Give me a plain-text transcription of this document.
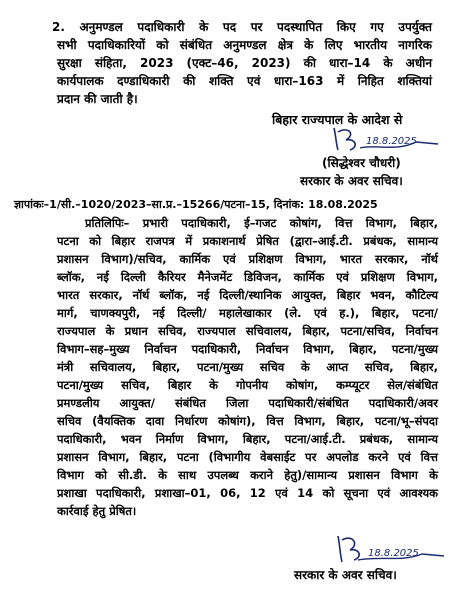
2. अनुमण्डल पदाधिकारी के पद पर पदस्थापित किए गए उपर्युक्त
सभी पदाधिकारियों को संबंधित अनुमण्डल क्षेत्र के लिए भारतीय नागरिक
सुरक्षा संहिता, 2023 (एक्ट–46, 2023) की धारा–14 के अधीन
कार्यपालक दण्डाधिकारी की शक्ति एवं धारा–163 में निहित शक्तियां
प्रदान की जाती है।
बिहार राज्यपाल के आदेश से
18.8.2025
(सिद्धेश्वर चौधरी)
सरकार के अवर सचिव।
ज्ञापांकः–1/सी.–1020/2023–सा.प्र.–15266/पटना–15, दिनांक: 18.08.2025
प्रतिलिपिः– प्रभारी पदाधिकारी, ई–गजट कोषांग, वित्त विभाग, बिहार,
पटना को बिहार राजपत्र में प्रकाशनार्थ प्रेषित (द्वारा–आई.टी. प्रबंधक, सामान्य
प्रशासन विभाग)/सचिव, कार्मिक एवं प्रशिक्षण विभाग, भारत सरकार, नॉर्थ
ब्लॉक, नई दिल्ली कैरियर मैनेजमेंट डिविजन, कार्मिक एवं प्रशिक्षण विभाग,
भारत सरकार, नॉर्थ ब्लॉक, नई दिल्ली/स्थानिक आयुक्त, बिहार भवन, कौटिल्य
मार्ग, चाणक्यपुरी, नई दिल्ली/ महालेखाकार (ले. एवं ह.), बिहार, पटना/
राज्यपाल के प्रधान सचिव, राज्यपाल सचिवालय, बिहार, पटना/सचिव, निर्वाचन
विभाग–सह–मुख्य निर्वाचन पदाधिकारी, निर्वाचन विभाग, बिहार, पटना/मुख्य
मंत्री सचिवालय, बिहार, पटना/मुख्य सचिव के आप्त सचिव, बिहार,
पटना/मुख्य सचिव, बिहार के गोपनीय कोषांग, कम्प्यूटर सेल/संबंधित
प्रमण्डलीय आयुक्त/ संबंधित जिला पदाधिकारी/संबंधित पदाधिकारी/अवर
सचिव (वैयक्तिक दावा निर्धारण कोषांग), वित्त विभाग, बिहार, पटना/भू–संपदा
पदाधिकारी, भवन निर्माण विभाग, बिहार, पटना/आई.टी. प्रबंधक, सामान्य
प्रशासन विभाग, बिहार, पटना (विभागीय वेबसाईट पर अपलोड करने एवं वित्त
विभाग को सी.डी. के साथ उपलब्ध कराने हेतु)/सामान्य प्रशासन विभाग के
प्रशाखा पदाधिकारी, प्रशाखा–01, 06, 12 एवं 14 को सूचना एवं आवश्यक
कार्रवाई हेतु प्रेषित।
18.8.2025
सरकार के अवर सचिव।
